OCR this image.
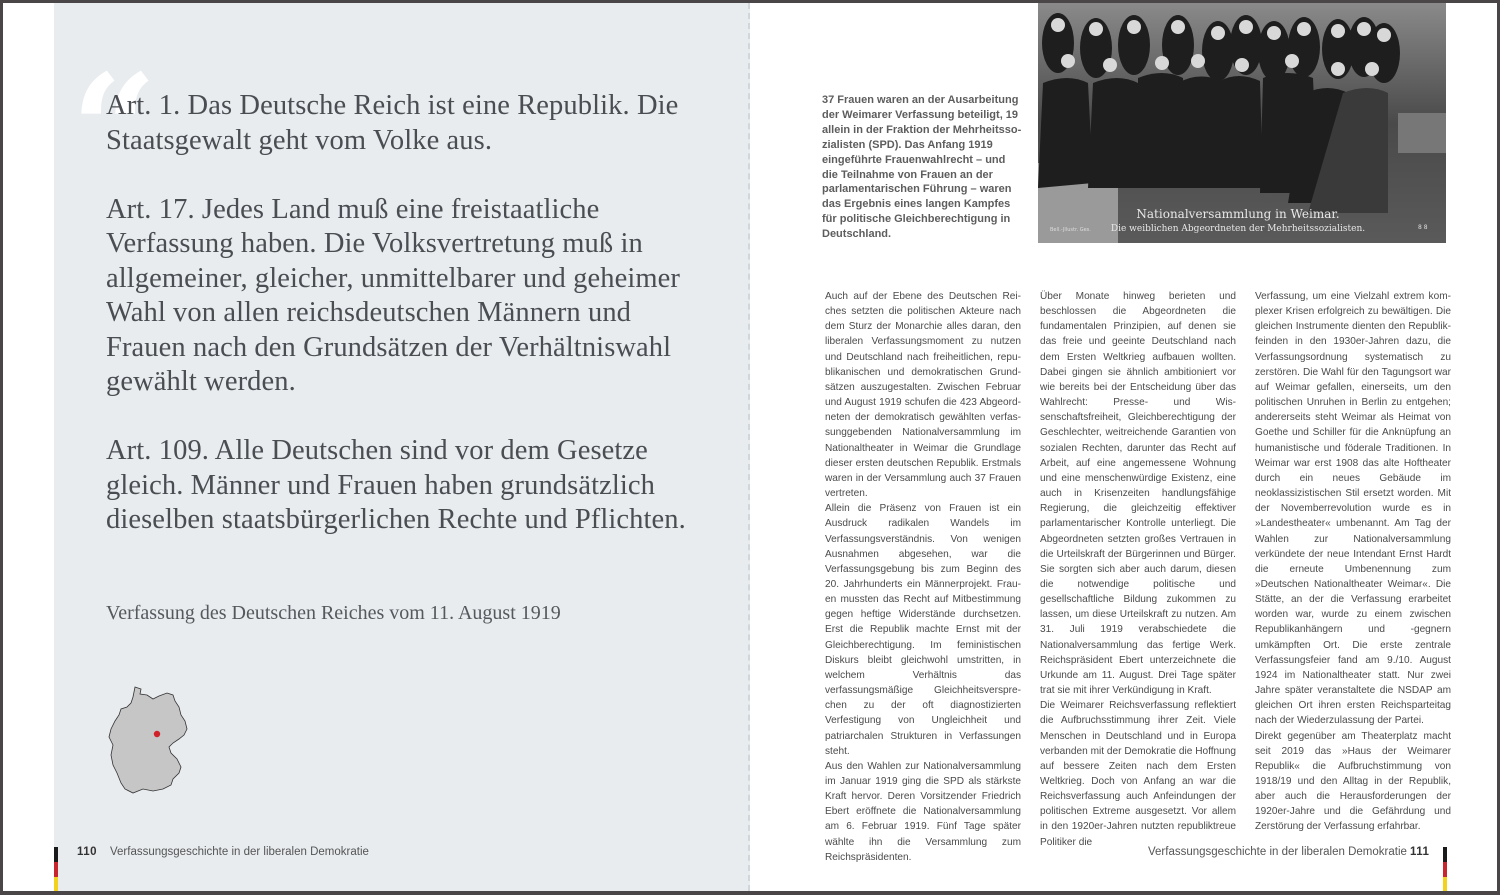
“

Art. 1. Das Deutsche Reich ist eine Republik. Die Staatsgewalt geht vom Volke aus.

Art. 17. Jedes Land muß eine freistaatliche Verfassung haben. Die Volksvertretung muß in allgemeiner, gleicher, unmittelbarer und geheimer Wahl von allen reichsdeutschen Männern und Frauen nach den Grundsätzen der Verhältniswahl gewählt werden.

Art. 109. Alle Deutschen sind vor dem Gesetze gleich. Männer und Frauen haben grundsätzlich dieselben staatsbürgerlichen Rechte und Pflichten.

Verfassung des Deutschen Reiches vom 11. August 1919
110 Verfassungsgeschichte in der liberalen Demokratie
37 Frauen waren an der Ausarbeitung der Weimarer Verfassung beteiligt, 19 allein in der Fraktion der Mehrheitssozialisten (SPD). Das Anfang 1919 eingeführte Frauenwahlrecht – und die Teilnahme von Frauen an der parlamentarischen Führung – waren das Ergebnis eines langen Kampfes für politische Gleichberechtigung in Deutschland.
Nationalversammlung in Weimar.
Die weiblichen Abgeordneten der Mehrheitssozialisten.
Bell.-Jllustr. Ges.	8 8

Auch auf der Ebene des Deutschen Reiches setzten die politischen Akteure nach dem Sturz der Monarchie alles daran, den liberalen Verfassungsmoment zu nutzen und Deutschland nach freiheitlichen, republikanischen und demokratischen Grundsätzen auszugestalten. Zwischen Februar und August 1919 schufen die 423 Abgeordneten der demokratisch gewählten verfassunggebenden Nationalversammlung im Nationaltheater in Weimar die Grundlage dieser ersten deutschen Republik. Erstmals waren in der Versammlung auch 37 Frauen vertreten.

Allein die Präsenz von Frauen ist ein Ausdruck radikalen Wandels im Verfassungsverständnis. Von wenigen Ausnahmen abgesehen, war die Verfassungsgebung bis zum Beginn des 20. Jahrhunderts ein Männerprojekt. Frauen mussten das Recht auf Mitbestimmung gegen heftige Widerstände durchsetzen. Erst die Republik machte Ernst mit der Gleichberechtigung. Im feministischen Diskurs bleibt gleichwohl umstritten, in welchem Verhältnis das verfassungsmäßige Gleichheitsversprechen zu der oft diagnostizierten Verfestigung von Ungleichheit und patriarchalen Strukturen in Verfassungen steht.

Aus den Wahlen zur Nationalversammlung im Januar 1919 ging die SPD als stärkste Kraft hervor. Deren Vorsitzender Friedrich Ebert eröffnete die Nationalversammlung am 6. Februar 1919. Fünf Tage später wählte ihn die Versammlung zum Reichspräsidenten.

Über Monate hinweg berieten und beschlossen die Abgeordneten die fundamentalen Prinzipien, auf denen sie das freie und geeinte Deutschland nach dem Ersten Weltkrieg aufbauen wollten. Dabei gingen sie ähnlich ambitioniert vor wie bereits bei der Entscheidung über das Wahlrecht: Presse- und Wissenschaftsfreiheit, Gleichberechtigung der Geschlechter, weitreichende Garantien von sozialen Rechten, darunter das Recht auf Arbeit, auf eine angemessene Wohnung und eine menschenwürdige Existenz, eine auch in Krisenzeiten handlungsfähige Regierung, die gleichzeitig effektiver parlamentarischer Kontrolle unterliegt. Die Abgeordneten setzten großes Vertrauen in die Urteilskraft der Bürgerinnen und Bürger. Sie sorgten sich aber auch darum, diesen die notwendige politische und gesellschaftliche Bildung zukommen zu lassen, um diese Urteilskraft zu nutzen. Am 31. Juli 1919 verabschiedete die Nationalversammlung das fertige Werk. Reichspräsident Ebert unterzeichnete die Urkunde am 11. August. Drei Tage später trat sie mit ihrer Verkündigung in Kraft.

Die Weimarer Reichsverfassung reflektiert die Aufbruchsstimmung ihrer Zeit. Viele Menschen in Deutschland und in Europa verbanden mit der Demokratie die Hoffnung auf bessere Zeiten nach dem Ersten Weltkrieg. Doch von Anfang an war die Reichsverfassung auch Anfeindungen der politischen Extreme ausgesetzt. Vor allem in den 1920er-Jahren nutzten republiktreue Politiker die

Verfassung, um eine Vielzahl extrem komplexer Krisen erfolgreich zu bewältigen. Die gleichen Instrumente dienten den Republikfeinden in den 1930er-Jahren dazu, die Verfassungsordnung systematisch zu zerstören. Die Wahl für den Tagungsort war auf Weimar gefallen, einerseits, um den politischen Unruhen in Berlin zu entgehen; andererseits steht Weimar als Heimat von Goethe und Schiller für die Anknüpfung an humanistische und föderale Traditionen. In Weimar war erst 1908 das alte Hoftheater durch ein neues Gebäude im neoklassizistischen Stil ersetzt worden. Mit der Novemberrevolution wurde es in »Landestheater« umbenannt. Am Tag der Wahlen zur Nationalversammlung verkündete der neue Intendant Ernst Hardt die erneute Umbenennung zum »Deutschen Nationaltheater Weimar«. Die Stätte, an der die Verfassung erarbeitet worden war, wurde zu einem zwischen Republikanhängern und -gegnern umkämpften Ort. Die erste zentrale Verfassungsfeier fand am 9./10. August 1924 im Nationaltheater statt. Nur zwei Jahre später veranstaltete die NSDAP am gleichen Ort ihren ersten Reichsparteitag nach der Wiederzulassung der Partei.

Direkt gegenüber am Theaterplatz macht seit 2019 das »Haus der Weimarer Republik« die Aufbruchstimmung von 1918/19 und den Alltag in der Republik, aber auch die Herausforderungen der 1920er-Jahre und die Gefährdung und Zerstörung der Verfassung erfahrbar.

Verfassungsgeschichte in der liberalen Demokratie 111
